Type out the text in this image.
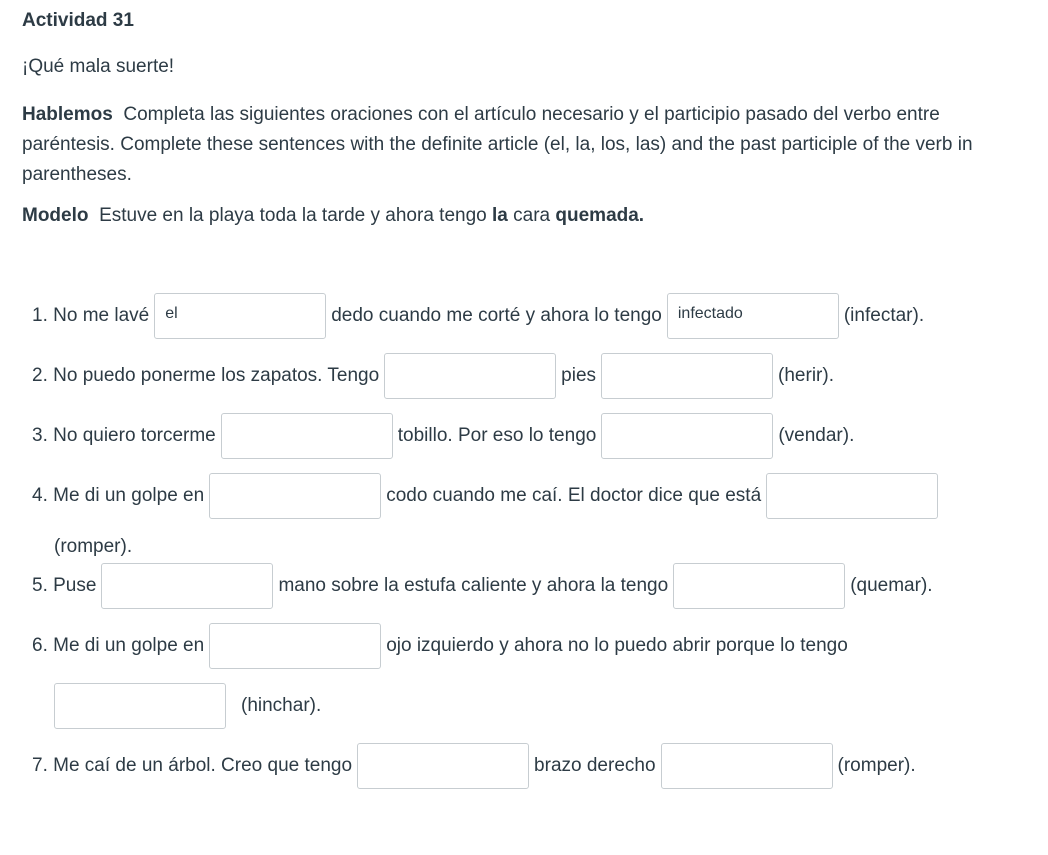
Actividad 31
¡Qué mala suerte!
Hablemos Completa las siguientes oraciones con el artículo necesario y el participio pasado del verbo entre paréntesis. Complete these sentences with the definite article (el, la, los, las) and the past participle of the verb in parentheses.
Modelo Estuve en la playa toda la tarde y ahora tengo la cara quemada.
1. No me lavé
el	dedo cuando me corté y ahora lo tengo
infectado	(infectar).
2. No puedo ponerme los zapatos. Tengo	pies	(herir).
3. No quiero torcerme	tobillo. Por eso lo tengo	(vendar).
4. Me di un golpe en	codo cuando me caí. El doctor dice que está
(romper).
5. Puse	mano sobre la estufa caliente y ahora la tengo	(quemar).
6. Me di un golpe en	ojo izquierdo y ahora no lo puedo abrir porque lo tengo
(hinchar).
7. Me caí de un árbol. Creo que tengo	brazo derecho	(romper).
